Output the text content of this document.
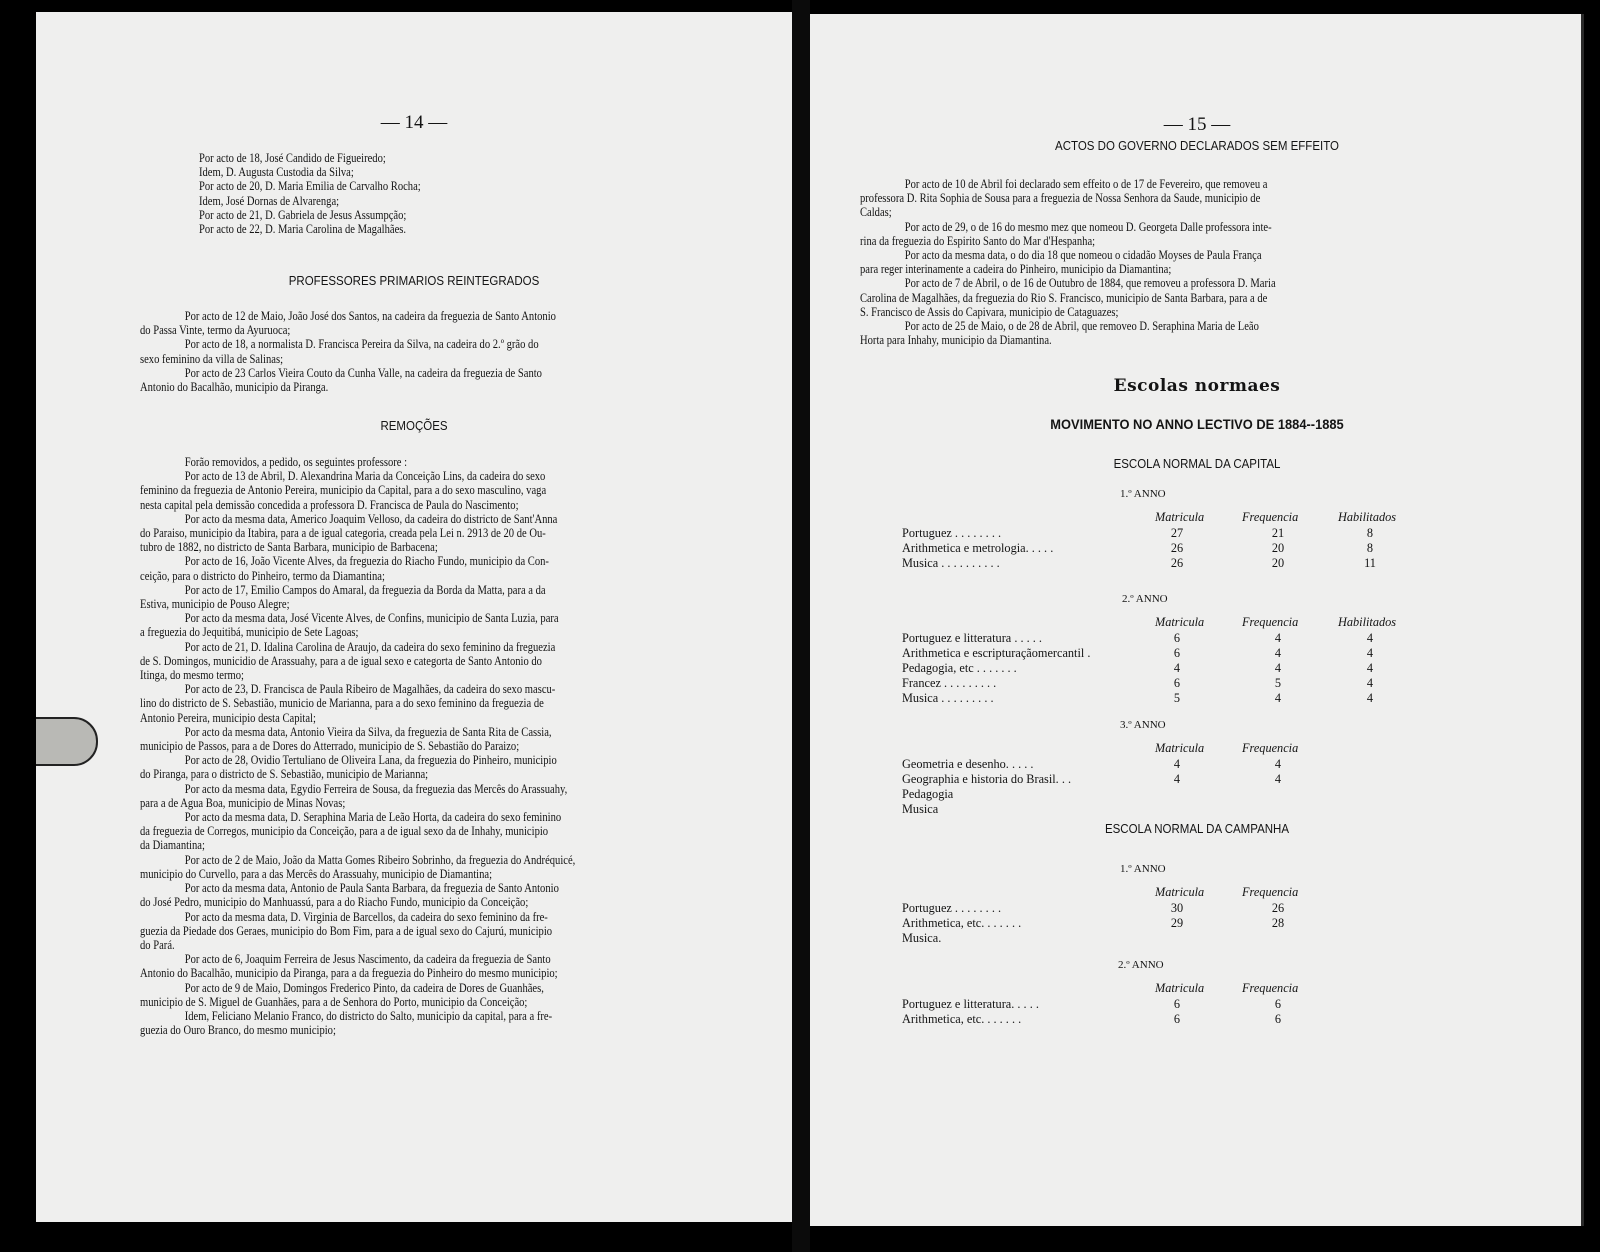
— 14 —
Por acto de 18, José Candido de Figueiredo;
Idem, D. Augusta Custodia da Silva;
Por acto de 20, D. Maria Emilia de Carvalho Rocha;
Idem, José Dornas de Alvarenga;
Por acto de 21, D. Gabriela de Jesus Assumpção;
Por acto de 22, D. Maria Carolina de Magalhães.
PROFESSORES PRIMARIOS REINTEGRADOS
Por acto de 12 de Maio, João José dos Santos, na cadeira da freguezia de Santo Antonio
do Passa Vinte, termo da Ayuruoca;
Por acto de 18, a normalista D. Francisca Pereira da Silva, na cadeira do 2.º grão do
sexo feminino da villa de Salinas;
Por acto de 23 Carlos Vieira Couto da Cunha Valle, na cadeira da freguezia de Santo
Antonio do Bacalhão, municipio da Piranga.
REMOÇÕES
Forão removidos, a pedido, os seguintes professore :
Por acto de 13 de Abril, D. Alexandrina Maria da Conceição Lins, da cadeira do sexo
feminino da freguezia de Antonio Pereira, municipio da Capital, para a do sexo masculino, vaga
nesta capital pela demissão concedida a professora D. Francisca de Paula do Nascimento;
Por acto da mesma data, Americo Joaquim Velloso, da cadeira do districto de Sant'Anna
do Paraiso, municipio da Itabira, para a de igual categoria, creada pela Lei n. 2913 de 20 de Ou-
tubro de 1882, no districto de Santa Barbara, municipio de Barbacena;
Por acto de 16, João Vicente Alves, da freguezia do Riacho Fundo, municipio da Con-
ceição, para o districto do Pinheiro, termo da Diamantina;
Por acto de 17, Emilio Campos do Amaral, da freguezia da Borda da Matta, para a da
Estiva, municipio de Pouso Alegre;
Por acto da mesma data, José Vicente Alves, de Confins, municipio de Santa Luzia, para
a freguezia do Jequitibá, municipio de Sete Lagoas;
Por acto de 21, D. Idalina Carolina de Araujo, da cadeira do sexo feminino da freguezia
de S. Domingos, municidio de Arassuahy, para a de igual sexo e categorta de Santo Antonio do
Itinga, do mesmo termo;
Por acto de 23, D. Francisca de Paula Ribeiro de Magalhães, da cadeira do sexo mascu-
lino do districto de S. Sebastião, municio de Marianna, para a do sexo feminino da freguezia de
Antonio Pereira, municipio desta Capital;
Por acto da mesma data, Antonio Vieira da Silva, da freguezia de Santa Rita de Cassia,
municipio de Passos, para a de Dores do Atterrado, municipio de S. Sebastião do Paraizo;
Por acto de 28, Ovidio Tertuliano de Oliveira Lana, da freguezia do Pinheiro, municipio
do Piranga, para o districto de S. Sebastião, municipio de Marianna;
Por acto da mesma data, Egydio Ferreira de Sousa, da freguezia das Mercês do Arassuahy,
para a de Agua Boa, municipio de Minas Novas;
Por acto da mesma data, D. Seraphina Maria de Leão Horta, da cadeira do sexo feminino
da freguezia de Corregos, municipio da Conceição, para a de igual sexo da de Inhahy, municipio
da Diamantina;
Por acto de 2 de Maio, João da Matta Gomes Ribeiro Sobrinho, da freguezia do Andréquicé,
municipio do Curvello, para a das Mercês do Arassuahy, municipio de Diamantina;
Por acto da mesma data, Antonio de Paula Santa Barbara, da freguezia de Santo Antonio
do José Pedro, municipio do Manhuassú, para a do Riacho Fundo, municipio da Conceição;
Por acto da mesma data, D. Virginia de Barcellos, da cadeira do sexo feminino da fre-
guezia da Piedade dos Geraes, municipio do Bom Fim, para a de igual sexo do Cajurú, municipio
do Pará.
Por acto de 6, Joaquim Ferreira de Jesus Nascimento, da cadeira da freguezia de Santo
Antonio do Bacalhão, municipio da Piranga, para a da freguezia do Pinheiro do mesmo municipio;
Por acto de 9 de Maio, Domingos Frederico Pinto, da cadeira de Dores de Guanhães,
municipio de S. Miguel de Guanhães, para a de Senhora do Porto, municipio da Conceição;
Idem, Feliciano Melanio Franco, do districto do Salto, municipio da capital, para a fre-
guezia do Ouro Branco, do mesmo municipio;
— 15 —
ACTOS DO GOVERNO DECLARADOS SEM EFFEITO
Por acto de 10 de Abril foi declarado sem effeito o de 17 de Fevereiro, que removeu a
professora D. Rita Sophia de Sousa para a freguezia de Nossa Senhora da Saude, municipio de
Caldas;
Por acto de 29, o de 16 do mesmo mez que nomeou D. Georgeta Dalle professora inte-
rina da freguezia do Espirito Santo do Mar d'Hespanha;
Por acto da mesma data, o do dia 18 que nomeou o cidadão Moyses de Paula França
para reger interinamente a cadeira do Pinheiro, municipio da Diamantina;
Por acto de 7 de Abril, o de 16 de Outubro de 1884, que removeu a professora D. Maria
Carolina de Magalhães, da freguezia do Rio S. Francisco, municipio de Santa Barbara, para a de
S. Francisco de Assis do Capivara, municipio de Cataguazes;
Por acto de 25 de Maio, o de 28 de Abril, que removeo D. Seraphina Maria de Leão
Horta para Inhahy, municipio da Diamantina.
Escolas normaes
MOVIMENTO NO ANNO LECTIVO DE 1884--1885
ESCOLA NORMAL DA CAPITAL
1.º ANNO
Matricula	Frequencia	Habilitados
Portuguez . . . . . . . .	27	21	8
Arithmetica e metrologia. . . . .	26	20	8
Musica . . . . . . . . . .	26	20	11
2.º ANNO
Matricula	Frequencia	Habilitados
Portuguez e litteratura . . . . .	6	4	4
Arithmetica e escripturaçãomercantil .	6	4	4
Pedagogia, etc . . . . . . .	4	4	4
Francez . . . . . . . . .	6	5	4
Musica . . . . . . . . .	5	4	4
3.º ANNO
Matricula	Frequencia
Geometria e desenho. . . . .	4	4
Geographia e historia do Brasil. . .	4	4
Pedagogia
Musica
1.º ANNO
Matricula	Frequencia
Portuguez . . . . . . . .	30	26
Arithmetica, etc. . . . . . .	29	28
Musica.
2.º ANNO
Matricula	Frequencia
Portuguez e litteratura. . . . .	6	6
Arithmetica, etc. . . . . . .	6	6
ESCOLA NORMAL DA CAMPANHA
